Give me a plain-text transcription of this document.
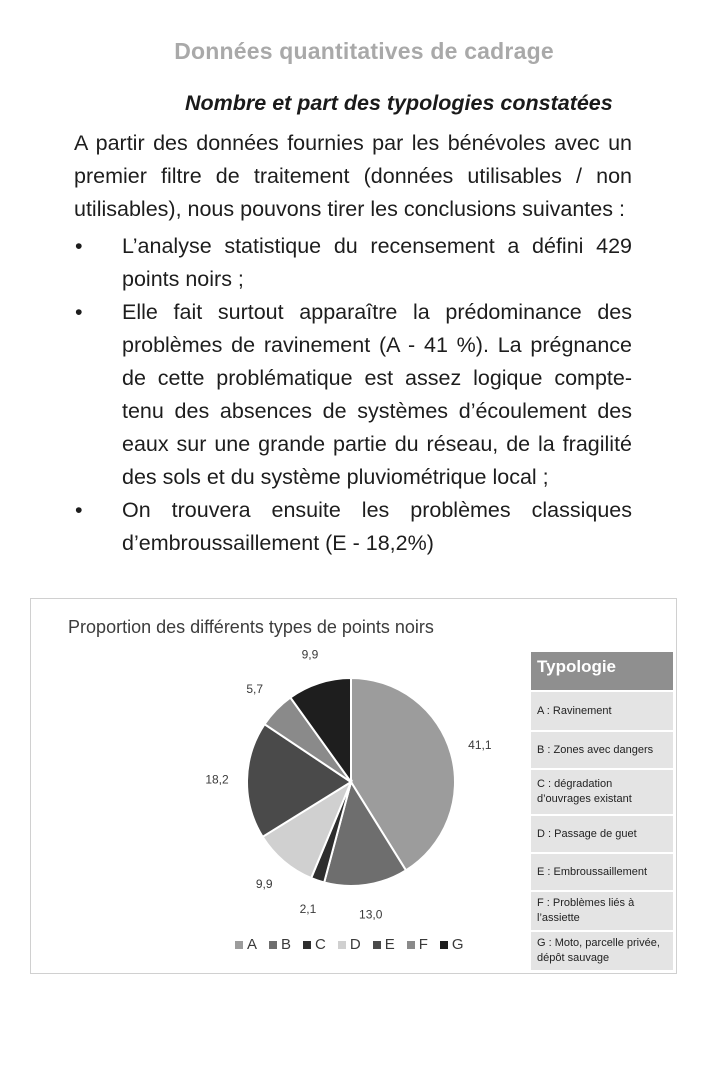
Données quantitatives de cadrage
Nombre et part des typologies constatées

A partir des données fournies par les bénévoles avec un premier filtre de traitement (données utilisables / non utilisables), nous pouvons tirer les conclusions suivantes :

• L’analyse statistique du recensement a défini 429 points noirs ;
• Elle fait surtout apparaître la prédominance des problèmes de ravinement (A - 41 %). La prégnance de cette problématique est assez logique compte-tenu des absences de systèmes d’écoulement des eaux sur une grande partie du réseau, de la fragilité des sols et du système pluviométrique local ;
• On trouvera ensuite les problèmes classiques d’embroussaillement (E - 18,2%)
Proportion des différents types de points noirs
41,1
13,0
2,1
9,9
18,2
5,7
9,9
Typologie
A : Ravinement
B : Zones avec dangers
C : dégradation d’ouvrages existant
D : Passage de guet
E : Embroussaillement
F : Problèmes liés à l’assiette
G : Moto, parcelle privée, dépôt sauvage
A B C D E F G
